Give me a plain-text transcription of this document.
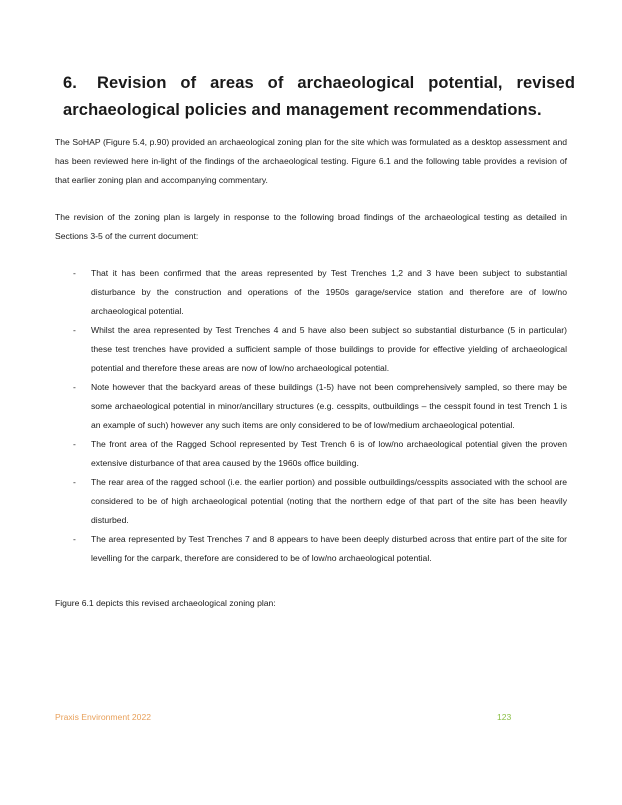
6. Revision of areas of archaeological potential, revised archaeological policies and management recommendations.

The SoHAP (Figure 5.4, p.90) provided an archaeological zoning plan for the site which was formulated as a desktop assessment and has been reviewed here in-light of the findings of the archaeological testing. Figure 6.1 and the following table provides a revision of that earlier zoning plan and accompanying commentary.

The revision of the zoning plan is largely in response to the following broad findings of the archaeological testing as detailed in Sections 3-5 of the current document:

- That it has been confirmed that the areas represented by Test Trenches 1,2 and 3 have been subject to substantial disturbance by the construction and operations of the 1950s garage/service station and therefore are of low/no archaeological potential.
- Whilst the area represented by Test Trenches 4 and 5 have also been subject so substantial disturbance (5 in particular) these test trenches have provided a sufficient sample of those buildings to provide for effective yielding of archaeological potential and therefore these areas are now of low/no archaeological potential.
- Note however that the backyard areas of these buildings (1-5) have not been comprehensively sampled, so there may be some archaeological potential in minor/ancillary structures (e.g. cesspits, outbuildings – the cesspit found in test Trench 1 is an example of such) however any such items are only considered to be of low/medium archaeological potential.
- The front area of the Ragged School represented by Test Trench 6 is of low/no archaeological potential given the proven extensive disturbance of that area caused by the 1960s office building.
- The rear area of the ragged school (i.e. the earlier portion) and possible outbuildings/cesspits associated with the school are considered to be of high archaeological potential (noting that the northern edge of that part of the site has been heavily disturbed.
- The area represented by Test Trenches 7 and 8 appears to have been deeply disturbed across that entire part of the site for levelling for the carpark, therefore are considered to be of low/no archaeological potential.

Figure 6.1 depicts this revised archaeological zoning plan:

Praxis Environment 2022	123
